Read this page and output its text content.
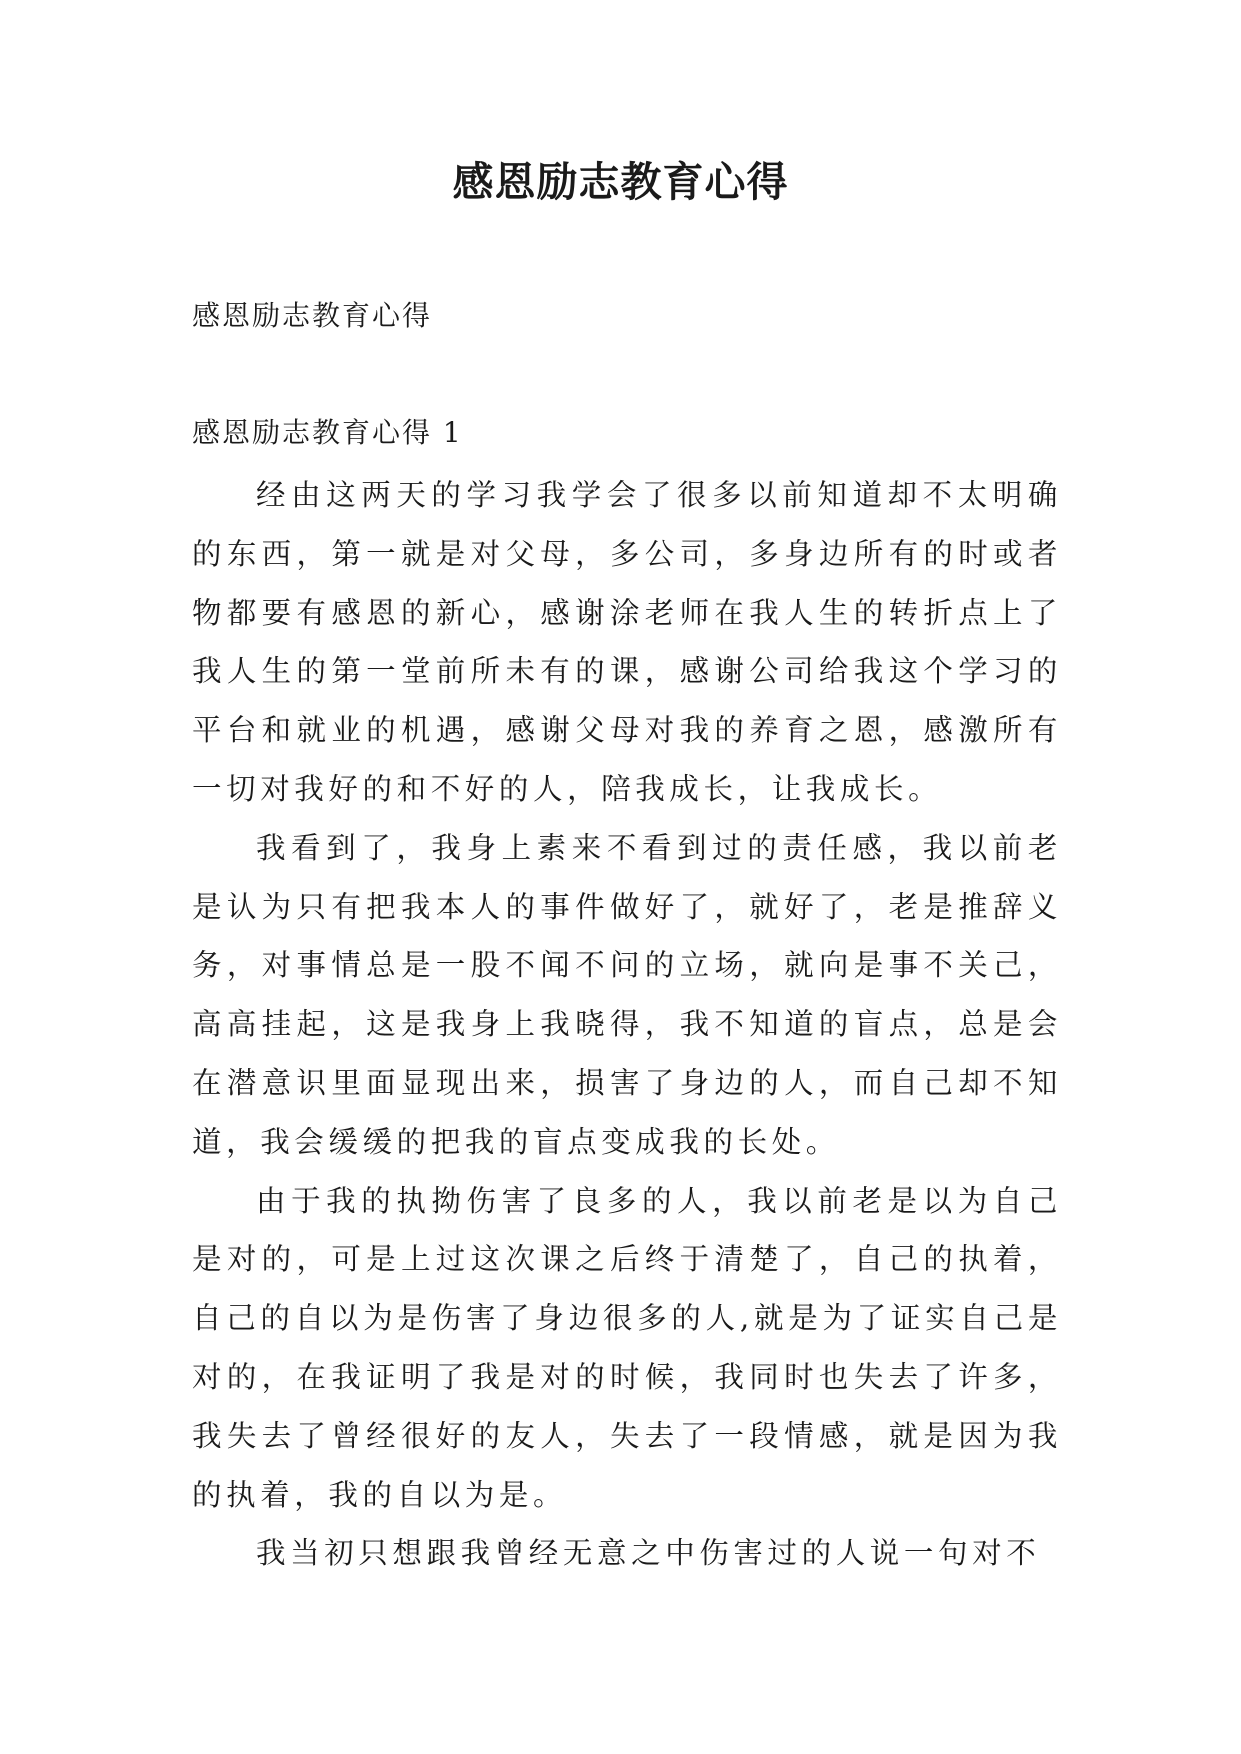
感恩励志教育心得

感恩励志教育心得

感恩励志教育心得 1

经由这两天的学习我学会了很多以前知道却不太明确的东西，第一就是对父母，多公司，多身边所有的时或者物都要有感恩的新心，感谢涂老师在我人生的转折点上了我人生的第一堂前所未有的课，感谢公司给我这个学习的平台和就业的机遇，感谢父母对我的养育之恩，感激所有一切对我好的和不好的人，陪我成长，让我成长。

我看到了，我身上素来不看到过的责任感，我以前老是认为只有把我本人的事件做好了，就好了，老是推辞义务，对事情总是一股不闻不问的立场，就向是事不关己，高高挂起，这是我身上我晓得，我不知道的盲点，总是会在潜意识里面显现出来，损害了身边的人，而自己却不知道，我会缓缓的把我的盲点变成我的长处。

由于我的执拗伤害了良多的人，我以前老是以为自己是对的，可是上过这次课之后终于清楚了，自己的执着，自己的自以为是伤害了身边很多的人,就是为了证实自己是对的，在我证明了我是对的时候，我同时也失去了许多，我失去了曾经很好的友人，失去了一段情感，就是因为我的执着，我的自以为是。

我当初只想跟我曾经无意之中伤害过的人说一句对不
